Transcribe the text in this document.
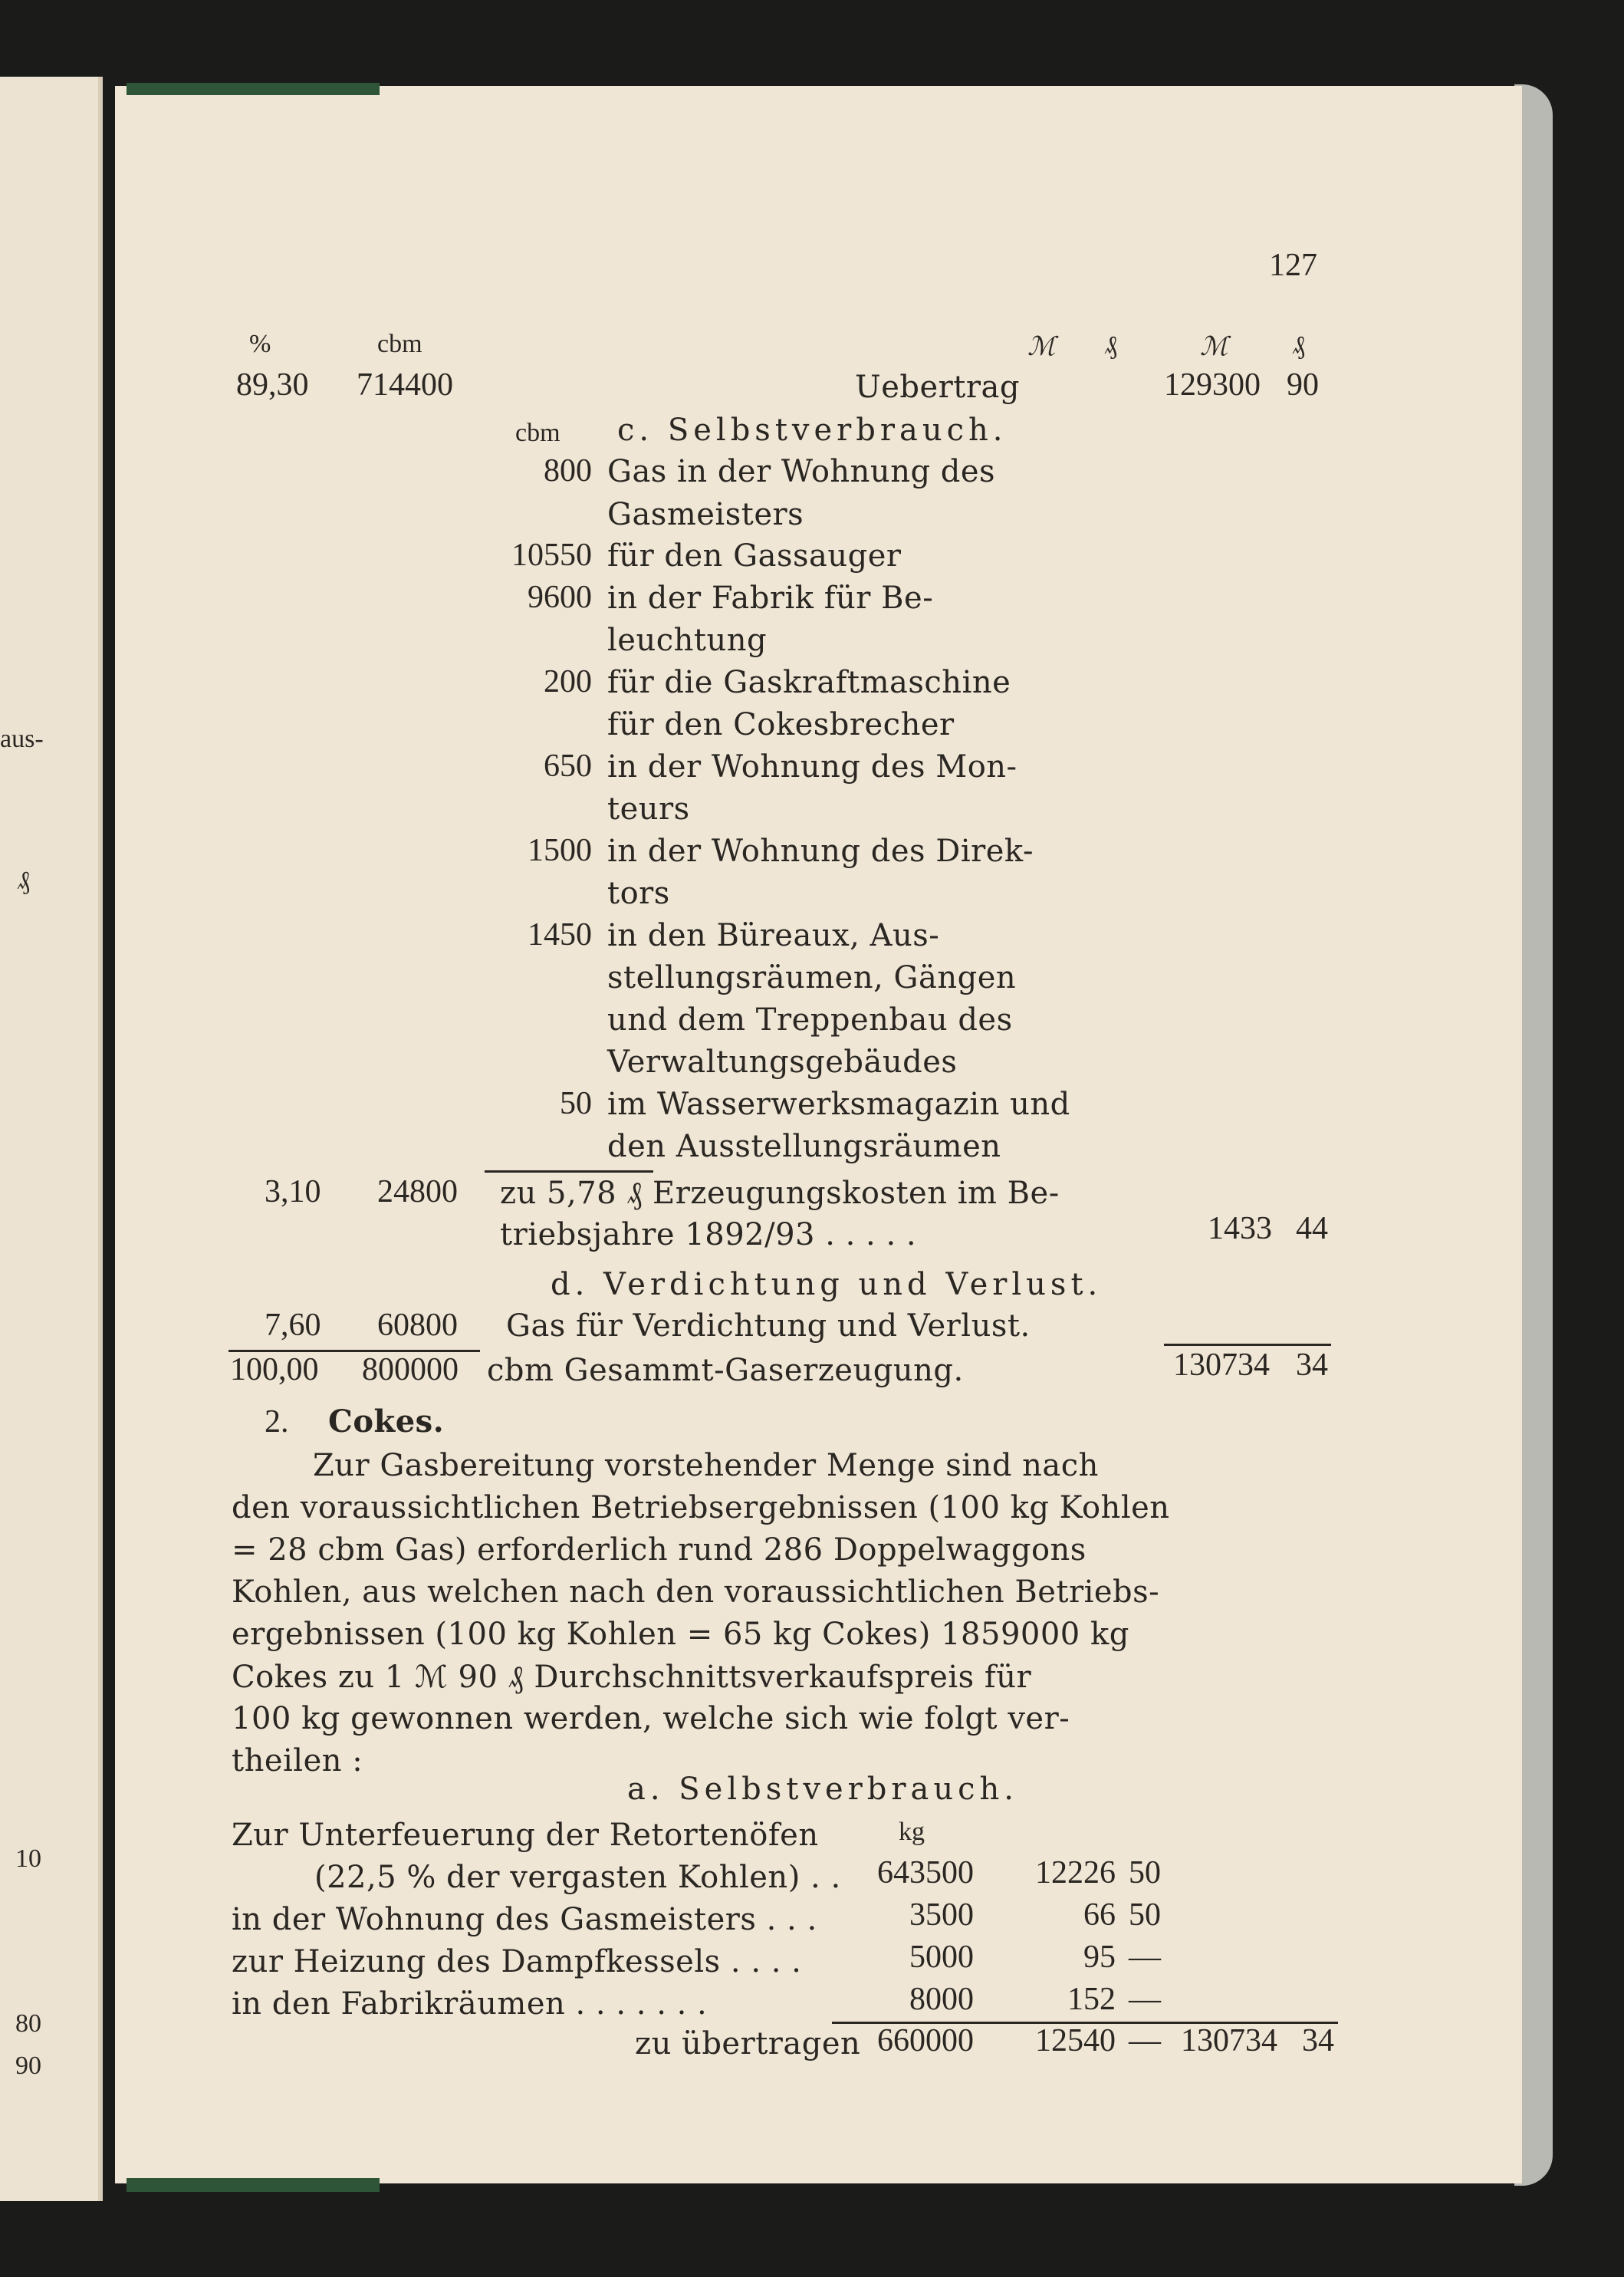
aus-
₰
10
80
90
127
%	cbm	ℳ ₰	ℳ ₰
89,30 714400	Uebertrag	129300 90
cbm c. Selbstverbrauch.
800 Gas in der Wohnung des
Gasmeisters
10550 für den Gassauger
9600 in der Fabrik für Be-
leuchtung
200 für die Gaskraftmaschine
für den Cokesbrecher
650 in der Wohnung des Mon-
teurs
1500 in der Wohnung des Direk-
tors
1450 in den Büreaux, Aus-
stellungsräumen, Gängen
und dem Treppenbau des
Verwaltungsgebäudes
50 im Wasserwerksmagazin und
den Ausstellungsräumen
3,10 24800 zu 5,78 ₰ Erzeugungskosten im Be-
triebsjahre 1892/93 . . . . .	1433 44
d. Verdichtung und Verlust.
7,60 60800 Gas für Verdichtung und Verlust.
100,00 800000 cbm Gesammt-Gaserzeugung.	130734 34
2. Cokes.
Zur Gasbereitung vorstehender Menge sind nach
den voraussichtlichen Betriebsergebnissen (100 kg Kohlen
= 28 cbm Gas) erforderlich rund 286 Doppelwaggons
Kohlen, aus welchen nach den voraussichtlichen Betriebs-
ergebnissen (100 kg Kohlen = 65 kg Cokes) 1859000 kg
Cokes zu 1 ℳ 90 ₰ Durchschnittsverkaufspreis für
100 kg gewonnen werden, welche sich wie folgt ver-
theilen :
a. Selbstverbrauch.
kg
Zur Unterfeuerung der Retortenöfen
(22,5 % der vergasten Kohlen) . .	643500	12226 50
in der Wohnung des Gasmeisters . . .	3500	66 50
zur Heizung des Dampfkessels . . . .	5000	95 —
in den Fabrikräumen . . . . . . .	8000	152 —
zu übertragen 660000	12540 — 130734 34
